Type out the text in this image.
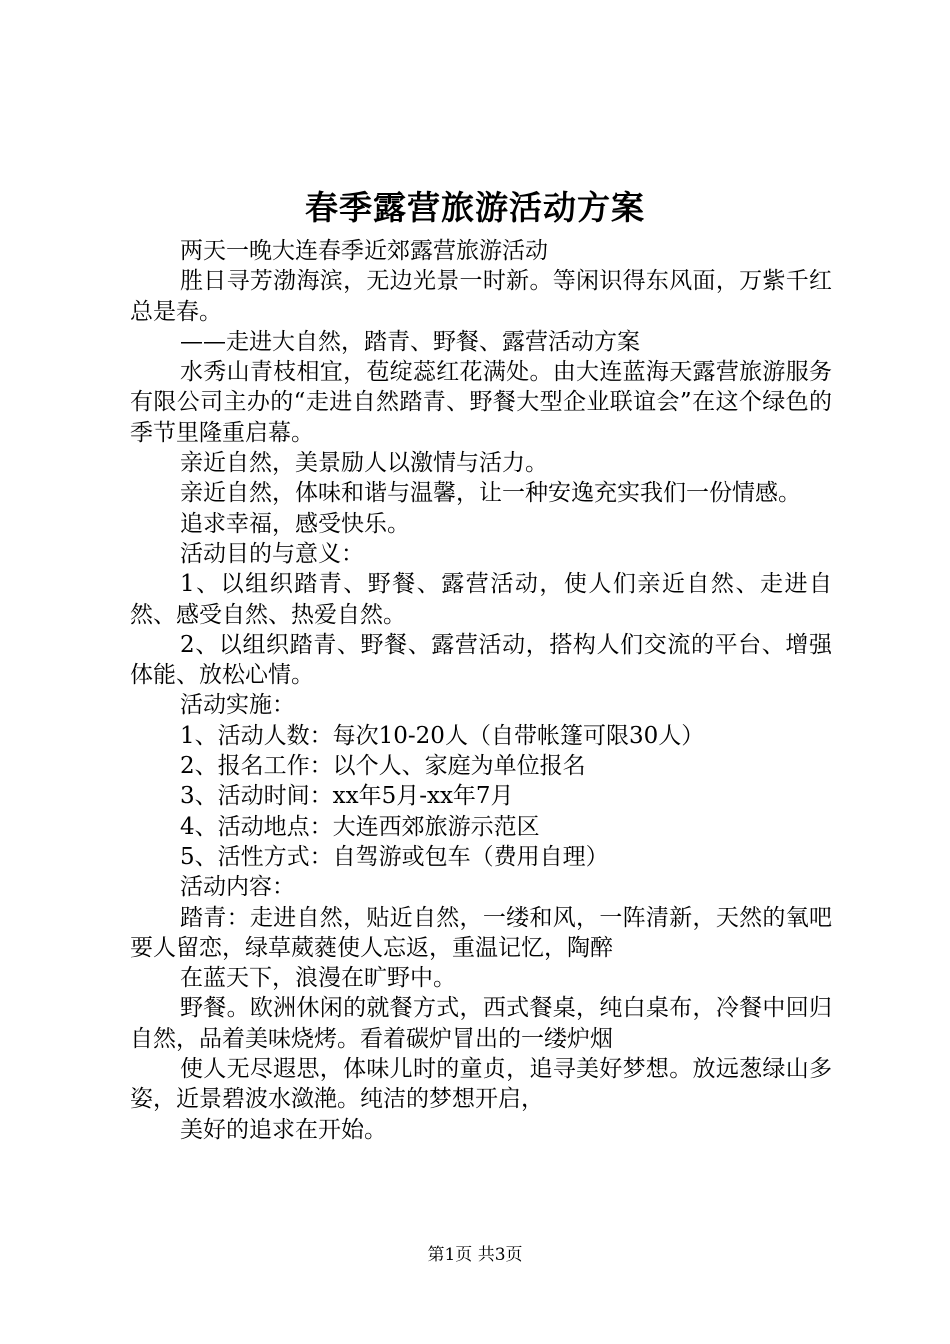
春季露营旅游活动方案

两天一晚大连春季近郊露营旅游活动

胜日寻芳渤海滨，无边光景一时新。等闲识得东风面，万紫千红总是春。

——走进大自然，踏青、野餐、露营活动方案

水秀山青枝相宜，苞绽蕊红花满处。由大连蓝海天露营旅游服务有限公司主办的“走进自然踏青、野餐大型企业联谊会”在这个绿色的季节里隆重启幕。

亲近自然，美景励人以激情与活力。

亲近自然，体味和谐与温馨，让一种安逸充实我们一份情感。

追求幸福，感受快乐。

活动目的与意义：

1、以组织踏青、野餐、露营活动，使人们亲近自然、走进自然、感受自然、热爱自然。

2、以组织踏青、野餐、露营活动，搭构人们交流的平台、增强体能、放松心情。

活动实施：

1、活动人数：每次10-20人（自带帐篷可限30人）

2、报名工作：以个人、家庭为单位报名

3、活动时间：xx年5月-xx年7月

4、活动地点：大连西郊旅游示范区

5、活性方式：自驾游或包车（费用自理）

活动内容：

踏青：走进自然，贴近自然，一缕和风，一阵清新，天然的氧吧要人留恋，绿草葳蕤使人忘返，重温记忆，陶醉

在蓝天下，浪漫在旷野中。

野餐。欧洲休闲的就餐方式，西式餐桌，纯白桌布，冷餐中回归自然，品着美味烧烤。看着碳炉冒出的一缕炉烟

使人无尽遐思，体味儿时的童贞，追寻美好梦想。放远葱绿山多姿，近景碧波水潋滟。纯洁的梦想开启，

美好的追求在开始。

第1页 共3页
